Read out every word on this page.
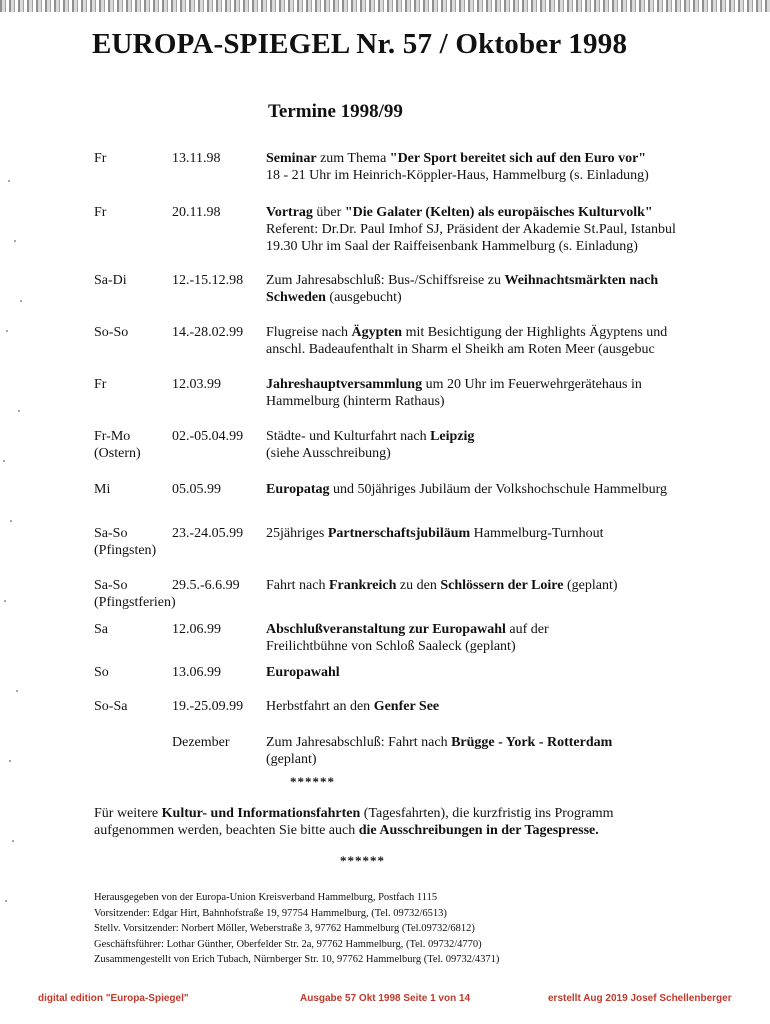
EUROPA-SPIEGEL Nr. 57 / Oktober 1998
Termine 1998/99
Fr	13.11.98	Seminar zum Thema "Der Sport bereitet sich auf den Euro vor"

18 - 21 Uhr im Heinrich-Köppler-Haus, Hammelburg (s. Einladung)

Fr	20.11.98	Vortrag über "Die Galater (Kelten) als europäisches Kulturvolk"

Referent: Dr.Dr. Paul Imhof SJ, Präsident der Akademie St.Paul, Istanbul

19.30 Uhr im Saal der Raiffeisenbank Hammelburg (s. Einladung)

Sa-Di	12.-15.12.98 Zum Jahresabschluß: Bus-/Schiffsreise zu Weihnachtsmärkten nach

Schweden (ausgebucht)

So-So	14.-28.02.99 Flugreise nach Ägypten mit Besichtigung der Highlights Ägyptens und

anschl. Badeaufenthalt in Sharm el Sheikh am Roten Meer (ausgebuc

Fr	12.03.99	Jahreshauptversammlung um 20 Uhr im Feuerwehrgerätehaus in

Hammelburg (hinterm Rathaus)

Fr-Mo
(Ostern)
02.-05.04.99 Städte- und Kulturfahrt nach Leipzig

(siehe Ausschreibung)

Mi	05.05.99	Europatag und 50jähriges Jubiläum der Volkshochschule Hammelburg

Sa-So
(Pfingsten)
23.-24.05.99 25jähriges Partnerschaftsjubiläum Hammelburg-Turnhout

Sa-So
(Pfingstferien)
29.5.-6.6.99 Fahrt nach Frankreich zu den Schlössern der Loire (geplant)

Sa	12.06.99	Abschlußveranstaltung zur Europawahl auf der

Freilichtbühne von Schloß Saaleck (geplant)

So	13.06.99	Europawahl

So-Sa	19.-25.09.99 Herbstfahrt an den Genfer See

Dezember	Zum Jahresabschluß: Fahrt nach Brügge - York - Rotterdam

(geplant)

******

Für weitere Kultur- und Informationsfahrten (Tagesfahrten), die kurzfristig ins Programm

aufgenommen werden, beachten Sie bitte auch die Ausschreibungen in der Tagespresse.

******

Herausgegeben von der Europa-Union Kreisverband Hammelburg, Postfach 1115

Vorsitzender: Edgar Hirt, Bahnhofstraße 19, 97754 Hammelburg, (Tel. 09732/6513)

Stellv. Vorsitzender: Norbert Möller, Weberstraße 3, 97762 Hammelburg (Tel.09732/6812)

Geschäftsführer: Lothar Günther, Oberfelder Str. 2a, 97762 Hammelburg, (Tel. 09732/4770)

Zusammengestellt von Erich Tubach, Nürnberger Str. 10, 97762 Hammelburg (Tel. 09732/4371)

digital edition "Europa-Spiegel"	Ausgabe 57 Okt 1998 Seite 1 von 14	erstellt Aug 2019 Josef Schellenberger
